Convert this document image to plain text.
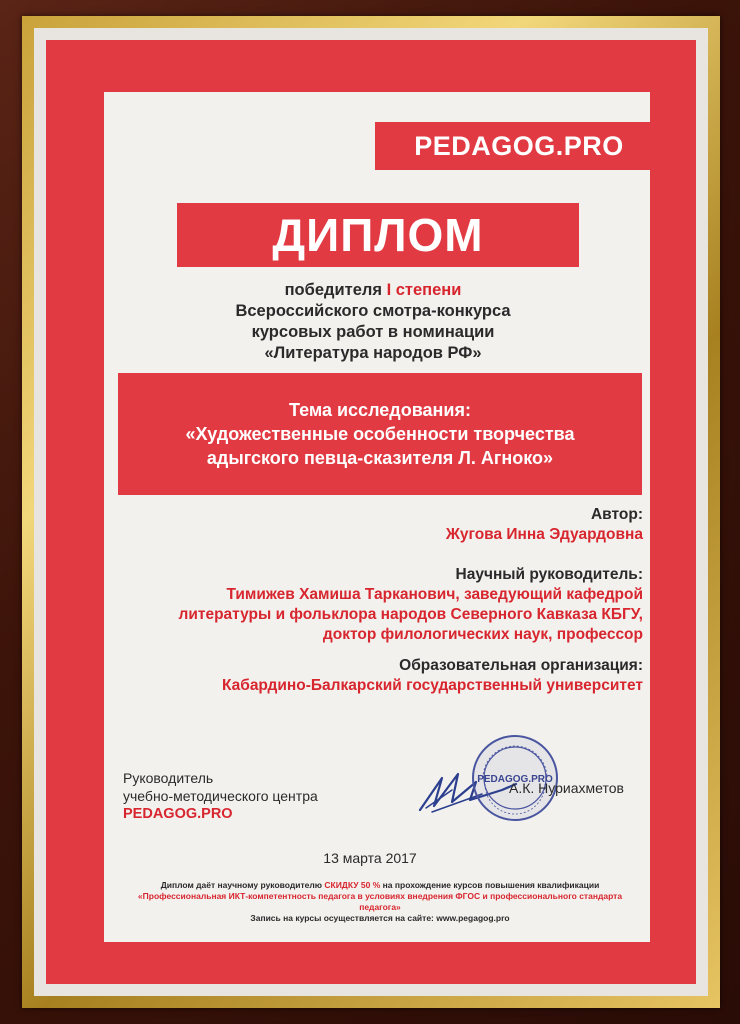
PEDAGOG.PRO
ДИПЛОМ
победителя I степени
Всероссийского смотра-конкурса
курсовых работ в номинации
«Литература народов РФ»
Тема исследования:
«Художественные особенности творчества
адыгского певца-сказителя Л. Агноко»
Автор:
Жугова Инна Эдуардовна
Научный руководитель:
Тимижев Хамиша Тарканович, заведующий кафедрой
литературы и фольклора народов Северного Кавказа КБГУ,
доктор филологических наук, профессор
Образовательная организация:
Кабардино-Балкарский государственный университет
Руководитель
учебно-методического центра
PEDAGOG.PRO
PEDAGOG.PRO
А.К. Нуриахметов
13 марта 2017
Диплом даёт научному руководителю СКИДКУ 50 % на прохождение курсов повышения квалификации
«Профессиональная ИКТ-компетентность педагога в условиях внедрения ФГОС и профессионального стандарта педагога»
Запись на курсы осуществляется на сайте: www.pegagog.pro
